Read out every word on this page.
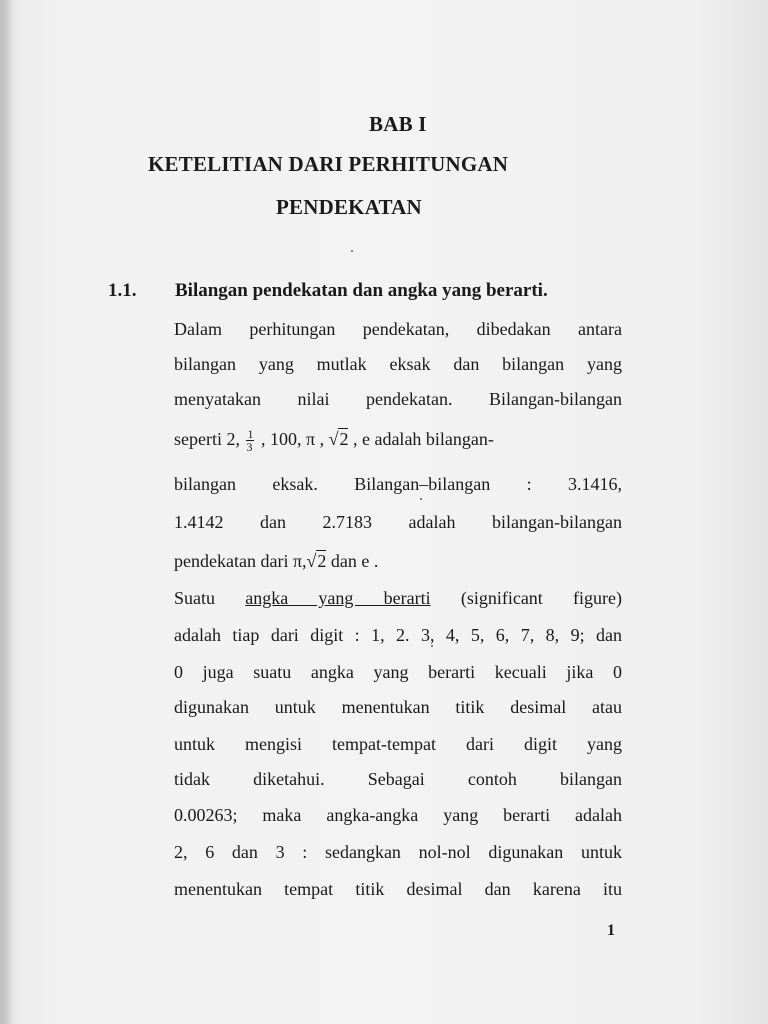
BAB I
KETELITIAN DARI PERHITUNGAN
PENDEKATAN
1.1. Bilangan pendekatan dan angka yang berarti.
Dalam perhitungan pendekatan, dibedakan antara
bilangan yang mutlak eksak dan bilangan yang
menyatakan nilai pendekatan. Bilangan-bilangan
seperti 2, $\frac{1}{3}$ , 100, π , √2 , e adalah bilangan-
bilangan eksak. Bilangan–bilangan : 3.1416,
1.4142 dan 2.7183 adalah bilangan-bilangan
pendekatan dari π,√2 dan e .
Suatu angka yang berarti (significant figure)
adalah tiap dari digit : 1, 2. 3, 4, 5, 6, 7, 8, 9; dan
0 juga suatu angka yang berarti kecuali jika 0
digunakan untuk menentukan titik desimal atau
untuk mengisi tempat-tempat dari digit yang
tidak diketahui. Sebagai contoh bilangan
0.00263; maka angka-angka yang berarti adalah
2, 6 dan 3 : sedangkan nol-nol digunakan untuk
menentukan tempat titik desimal dan karena itu
1
